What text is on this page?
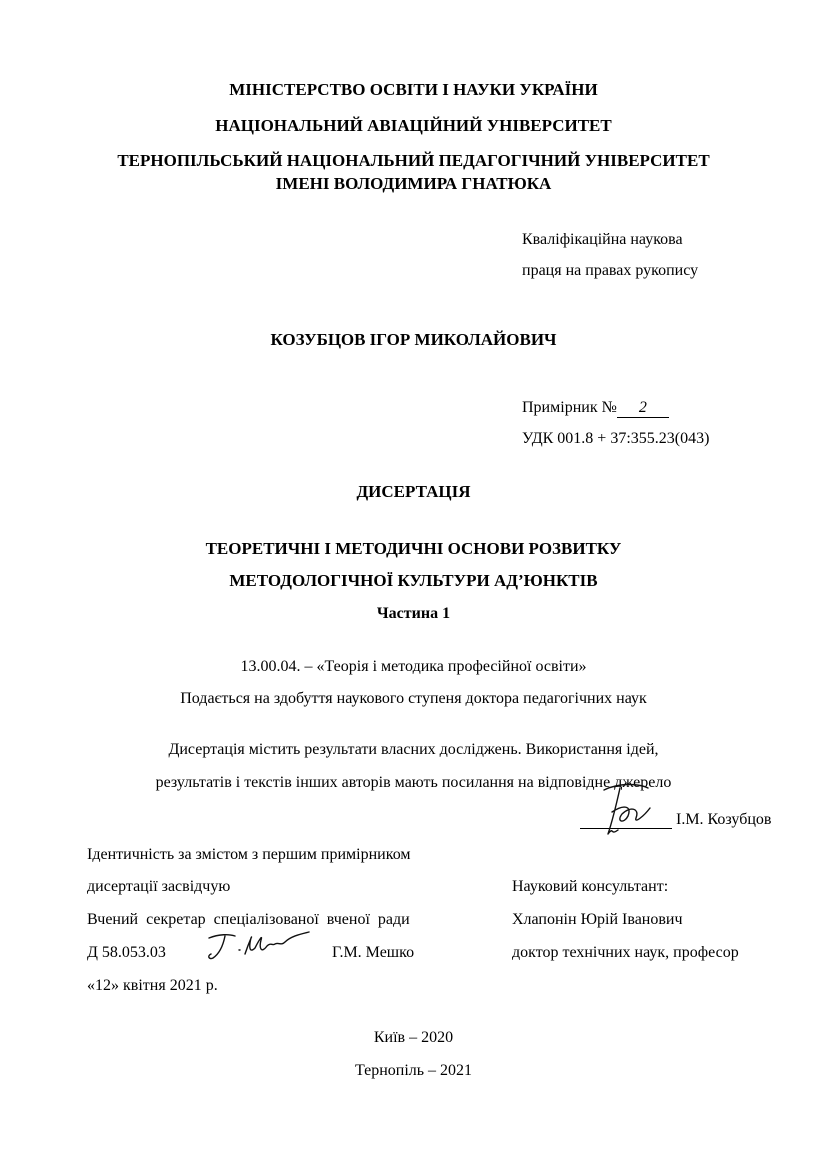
МІНІСТЕРСТВО ОСВІТИ І НАУКИ УКРАЇНИ
НАЦІОНАЛЬНИЙ АВІАЦІЙНИЙ УНІВЕРСИТЕТ
ТЕРНОПІЛЬСЬКИЙ НАЦІОНАЛЬНИЙ ПЕДАГОГІЧНИЙ УНІВЕРСИТЕТ
ІМЕНІ ВОЛОДИМИРА ГНАТЮКА
Кваліфікаційна наукова
праця на правах рукопису
КОЗУБЦОВ ІГОР МИКОЛАЙОВИЧ
Примірник № 2
УДК 001.8 + 37:355.23(043)
ДИСЕРТАЦІЯ
ТЕОРЕТИЧНІ І МЕТОДИЧНІ ОСНОВИ РОЗВИТКУ
МЕТОДОЛОГІЧНОЇ КУЛЬТУРИ АД’ЮНКТІВ
Частина 1
13.00.04. – «Теорія і методика професійної освіти»
Подається на здобуття наукового ступеня доктора педагогічних наук
Дисертація містить результати власних досліджень. Використання ідей,
результатів і текстів інших авторів мають посилання на відповідне джерело
І.М. Козубцов
Ідентичність за змістом з першим примірником
дисертації засвідчую
Вчений  секретар  спеціалізованої  вченої  ради
Д 58.053.03	Г.М. Мешко
«12» квітня 2021 р.
Науковий консультант:
Хлапонін Юрій Іванович
доктор технічних наук, професор
Київ – 2020
Тернопіль – 2021
